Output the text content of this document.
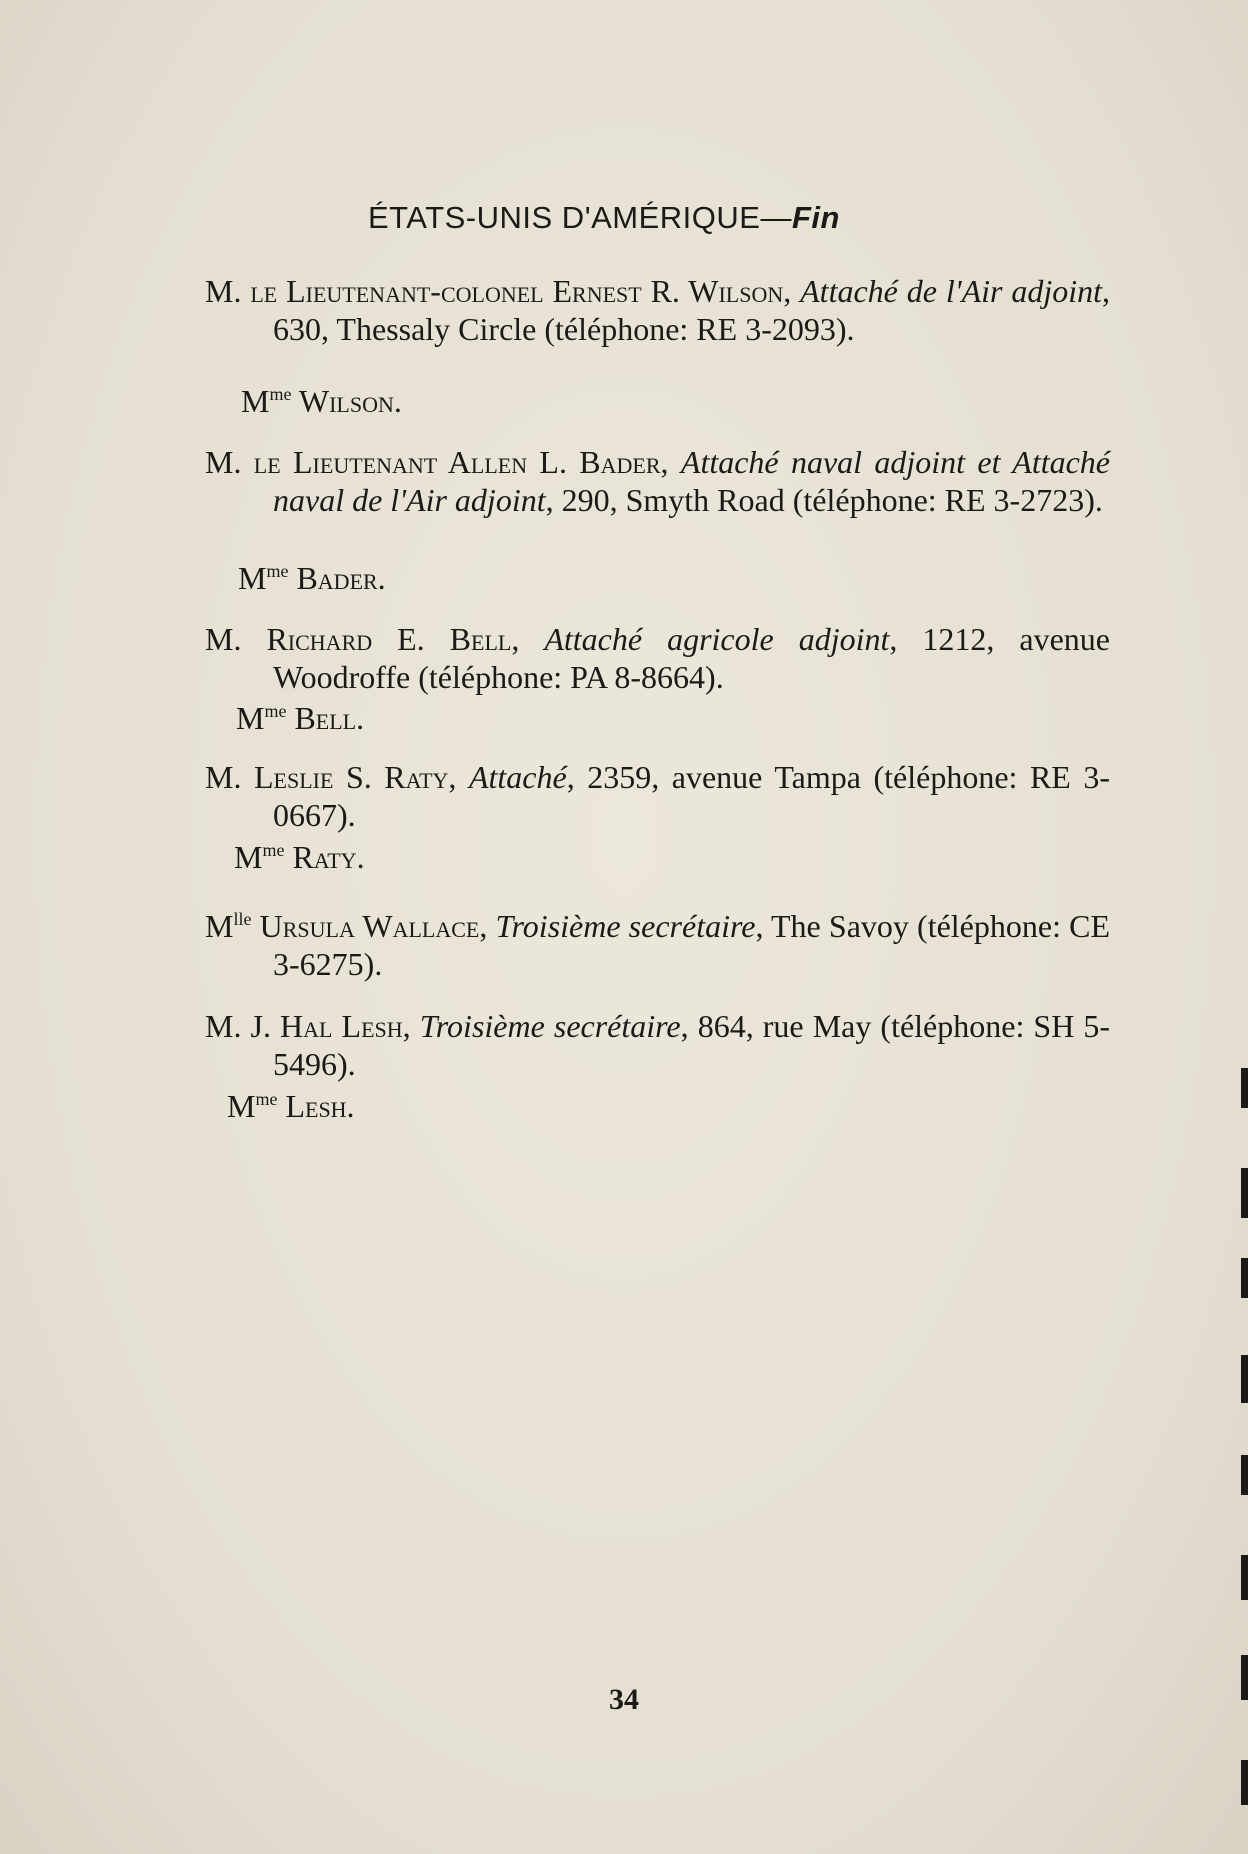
ÉTATS-UNIS D'AMÉRIQUE—Fin

M. le Lieutenant-colonel Ernest R. Wilson, Attaché de l'Air adjoint, 630, Thessaly Circle (téléphone: RE 3-2093).

$M^{me}$ Wilson.

M. le Lieutenant Allen L. Bader, Attaché naval adjoint et Attaché naval de l'Air adjoint, 290, Smyth Road (téléphone: RE 3-2723).

$M^{me}$ Bader.

M. Richard E. Bell, Attaché agricole adjoint, 1212, avenue Woodroffe (téléphone: PA 8-8664).

$M^{me}$ Bell.

M. Leslie S. Raty, Attaché, 2359, avenue Tampa (téléphone: RE 3-0667).

$M^{me}$ Raty.

$M^{lle}$ Ursula Wallace, Troisième secrétaire, The Savoy (téléphone: CE 3-6275).

M. J. Hal Lesh, Troisième secrétaire, 864, rue May (téléphone: SH 5-5496).

$M^{me}$ Lesh.
34
